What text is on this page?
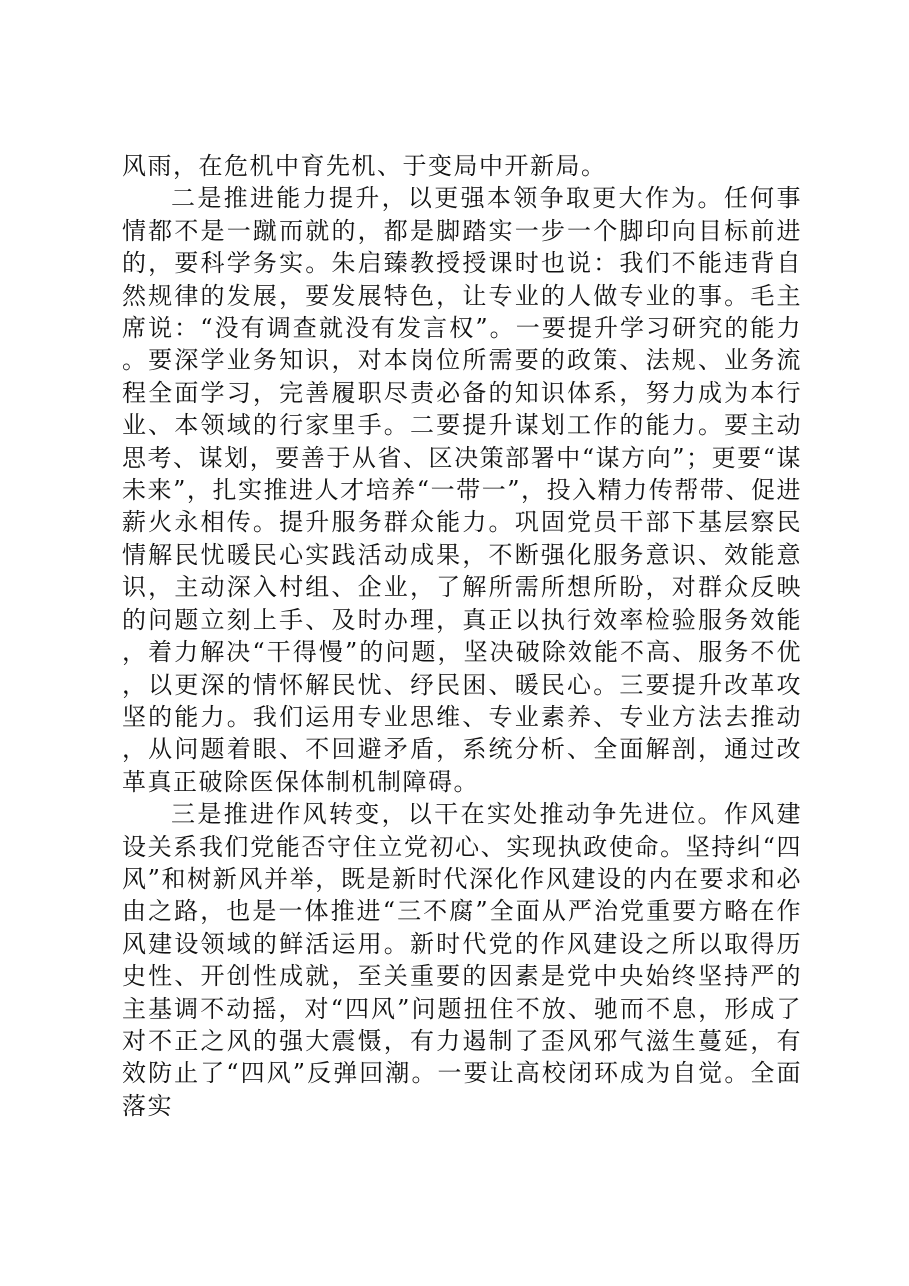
风雨，在危机中育先机、于变局中开新局。

二是推进能力提升，以更强本领争取更大作为。任何事情都不是一蹴而就的，都是脚踏实一步一个脚印向目标前进的，要科学务实。朱启臻教授授课时也说：我们不能违背自然规律的发展，要发展特色，让专业的人做专业的事。毛主席说：“没有调查就没有发言权”。一要提升学习研究的能力。要深学业务知识，对本岗位所需要的政策、法规、业务流程全面学习，完善履职尽责必备的知识体系，努力成为本行业、本领域的行家里手。二要提升谋划工作的能力。要主动思考、谋划，要善于从省、区决策部署中“谋方向”；更要“谋未来”，扎实推进人才培养“一带一”，投入精力传帮带、促进薪火永相传。提升服务群众能力。巩固党员干部下基层察民情解民忧暖民心实践活动成果，不断强化服务意识、效能意识，主动深入村组、企业，了解所需所想所盼，对群众反映的问题立刻上手、及时办理，真正以执行效率检验服务效能，着力解决“干得慢”的问题，坚决破除效能不高、服务不优，以更深的情怀解民忧、纾民困、暖民心。三要提升改革攻坚的能力。我们运用专业思维、专业素养、专业方法去推动，从问题着眼、不回避矛盾，系统分析、全面解剖，通过改革真正破除医保体制机制障碍。

三是推进作风转变，以干在实处推动争先进位。作风建设关系我们党能否守住立党初心、实现执政使命。坚持纠“四风”和树新风并举，既是新时代深化作风建设的内在要求和必由之路，也是一体推进“三不腐”全面从严治党重要方略在作风建设领域的鲜活运用。新时代党的作风建设之所以取得历史性、开创性成就，至关重要的因素是党中央始终坚持严的主基调不动摇，对“四风”问题扭住不放、驰而不息，形成了对不正之风的强大震慑，有力遏制了歪风邪气滋生蔓延，有效防止了“四风”反弹回潮。一要让高校闭环成为自觉。全面落实
